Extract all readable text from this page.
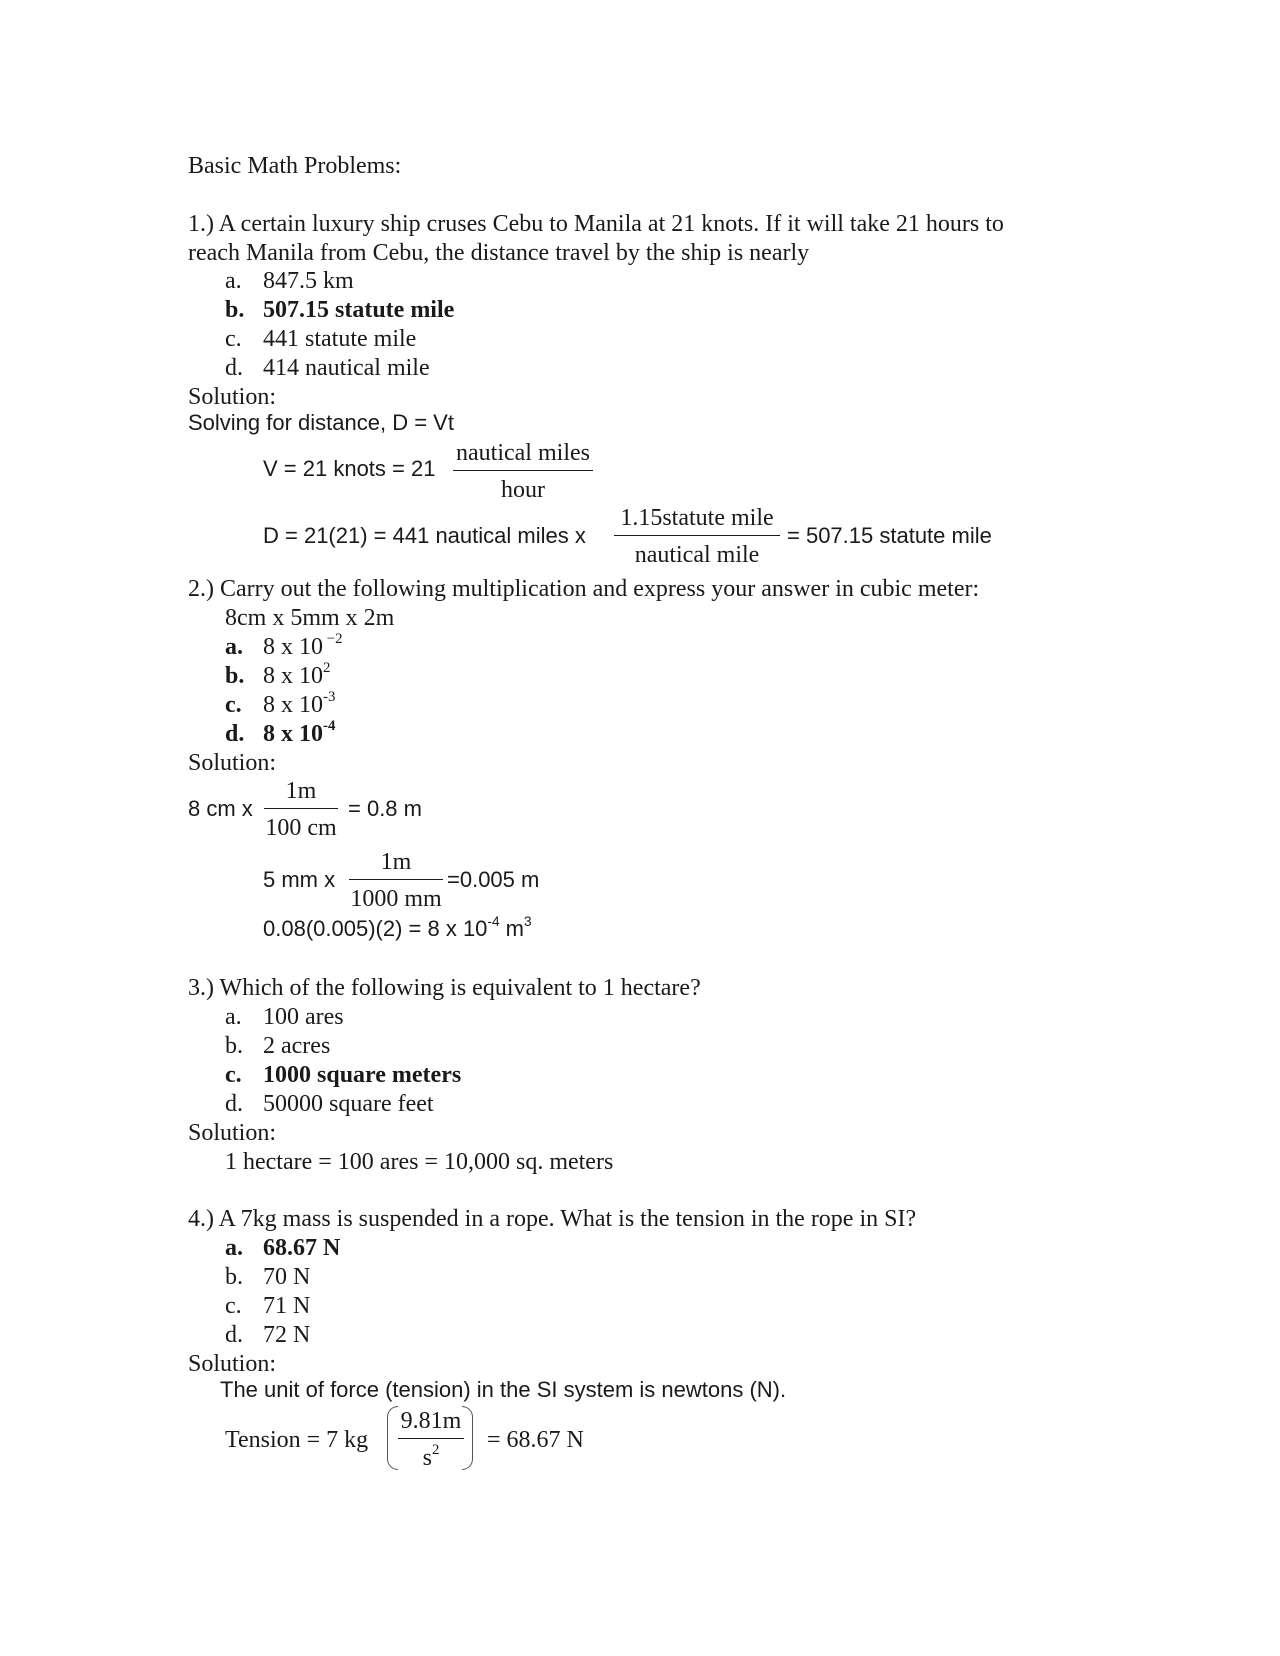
Basic Math Problems:
1.) A certain luxury ship cruses Cebu to Manila at 21 knots. If it will take 21 hours to
reach Manila from Cebu, the distance travel by the ship is nearly
a. 847.5 km
b. 507.15 statute mile
c. 441 statute mile
d. 414 nautical mile
Solution:
Solving for distance, D = Vt
V = 21 knots = 21
nautical miles
hour
D = 21(21) = 441 nautical miles x
1.15statute mile
nautical mile
= 507.15 statute mile
2.) Carry out the following multiplication and express your answer in cubic meter:
8cm x 5mm x 2m
a. 8 x 10 $^{-2}$
b. 8 x $10^2$
c. 8 x $10^{-3}$
d. 8 x $10^{-4}$
Solution:
8 cm x
1m
100 cm
= 0.8 m
5 mm x
1m
1000 mm
=0.005 m
0.08(0.005)(2) = 8 x $10^{-4}$ $m^3$
3.) Which of the following is equivalent to 1 hectare?
a. 100 ares
b. 2 acres
c. 1000 square meters
d. 50000 square feet
Solution:
1 hectare = 100 ares = 10,000 sq. meters
4.) A 7kg mass is suspended in a rope. What is the tension in the rope in SI?
a. 68.67 N
b. 70 N
c. 71 N
d. 72 N
Solution:
The unit of force (tension) in the SI system is newtons (N).
Tension = 7 kg
9.81m
$s^2$	= 68.67 N
